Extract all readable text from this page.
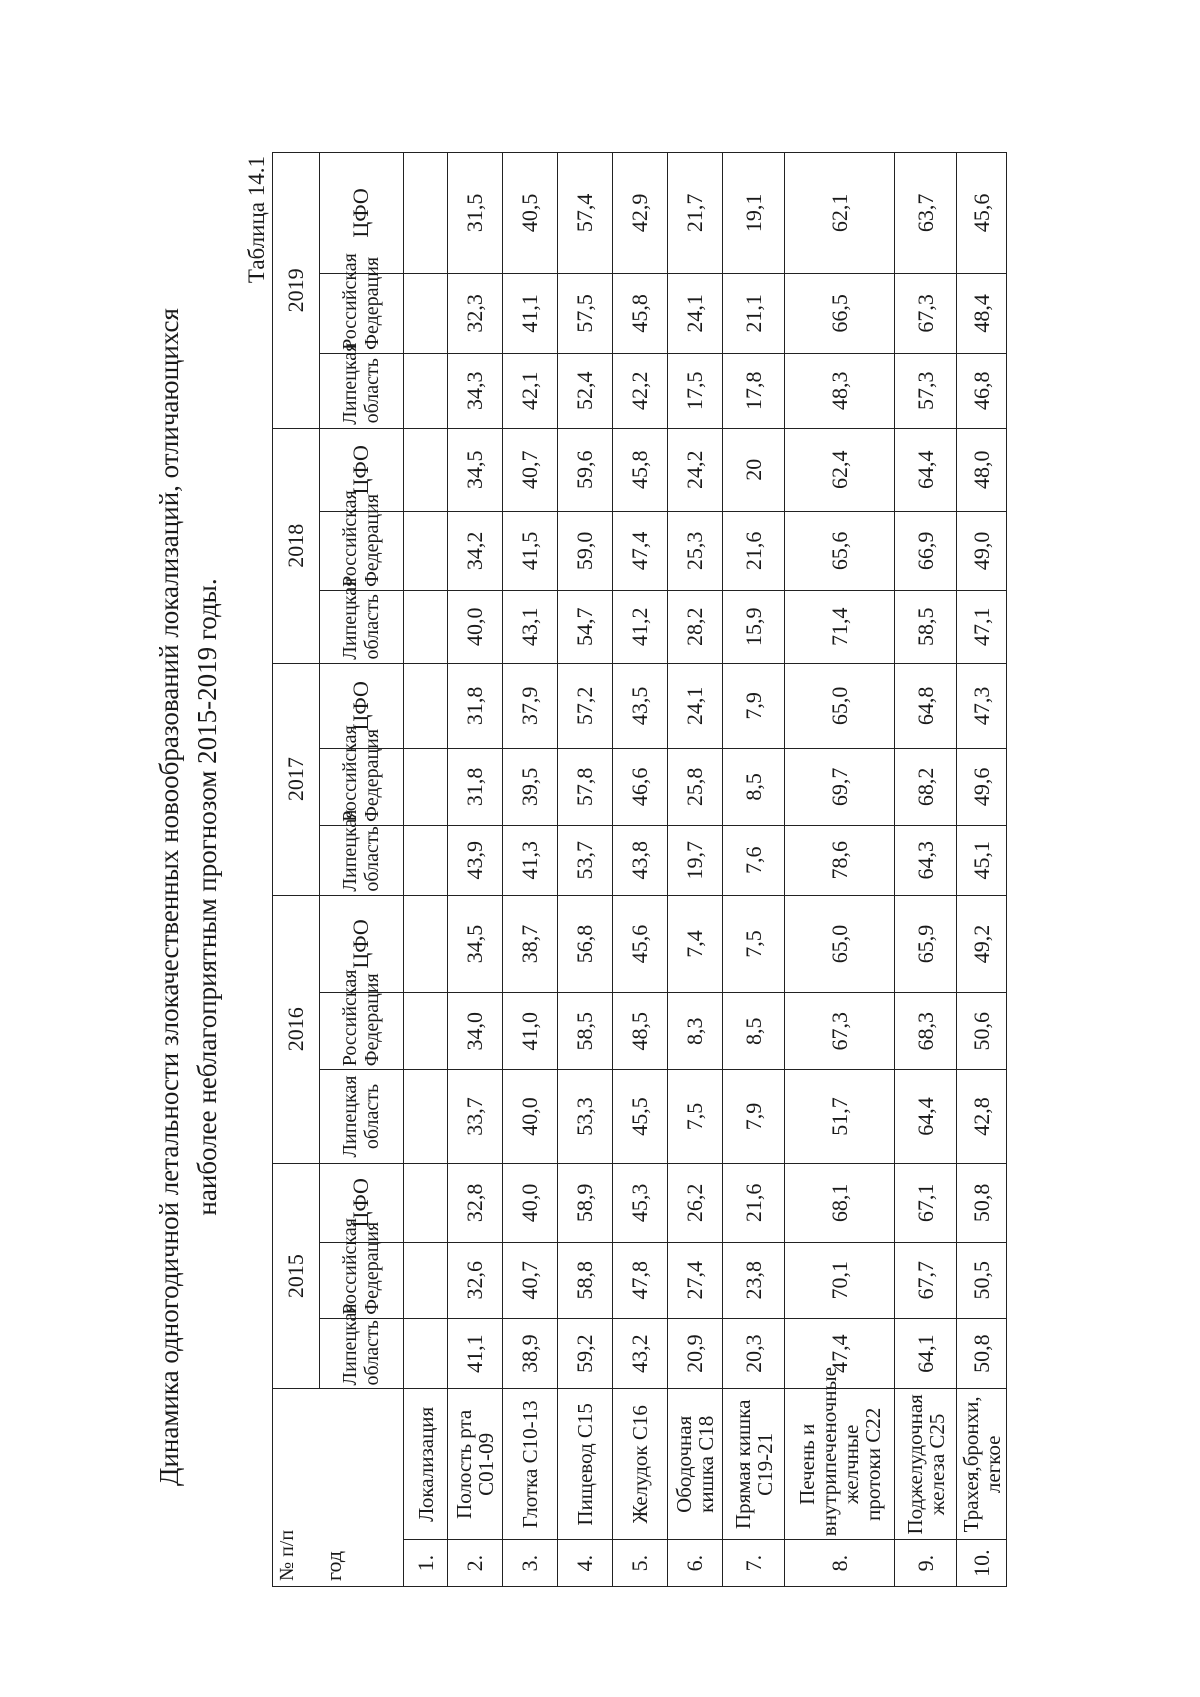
Динамика одногодичной летальности злокачественных новообразований локализаций, отличающихся наиболее неблагоприятным прогнозом 2015-2019 годы.
Таблица 14.1
№ п/п год		2015			2016			2017			2018			2019		
		Липецкая область	Российская Федерация	ЦФО	Липецкая область	Российская Федерация	ЦФО	Липецкая область	Российская Федерация	ЦФО	Липецкая область	Российская Федерация	ЦФО	Липецкая область	Российская Федерация	ЦФО
1.	Локализация															
2.	Полость рта С01-09	41,1	32,6	32,8	33,7	34,0	34,5	43,9	31,8	31,8	40,0	34,2	34,5	34,3	32,3	31,5
3.	Глотка С10-13	38,9	40,7	40,0	40,0	41,0	38,7	41,3	39,5	37,9	43,1	41,5	40,7	42,1	41,1	40,5
4.	Пищевод С15	59,2	58,8	58,9	53,3	58,5	56,8	53,7	57,8	57,2	54,7	59,0	59,6	52,4	57,5	57,4
5.	Желудок С16	43,2	47,8	45,3	45,5	48,5	45,6	43,8	46,6	43,5	41,2	47,4	45,8	42,2	45,8	42,9
6.	Ободочная кишка С18	20,9	27,4	26,2	7,5	8,3	7,4	19,7	25,8	24,1	28,2	25,3	24,2	17,5	24,1	21,7
7.	Прямая кишка С19-21	20,3	23,8	21,6	7,9	8,5	7,5	7,6	8,5	7,9	15,9	21,6	20	17,8	21,1	19,1
8.	Печень и внутрипеченочные желчные протоки С22	47,4	70,1	68,1	51,7	67,3	65,0	78,6	69,7	65,0	71,4	65,6	62,4	48,3	66,5	62,1
9.	Поджелудочная железа С25	64,1	67,7	67,1	64,4	68,3	65,9	64,3	68,2	64,8	58,5	66,9	64,4	57,3	67,3	63,7
10.	Трахея,бронхи, легкое	50,8	50,5	50,8	42,8	50,6	49,2	45,1	49,6	47,3	47,1	49,0	48,0	46,8	48,4	45,6
